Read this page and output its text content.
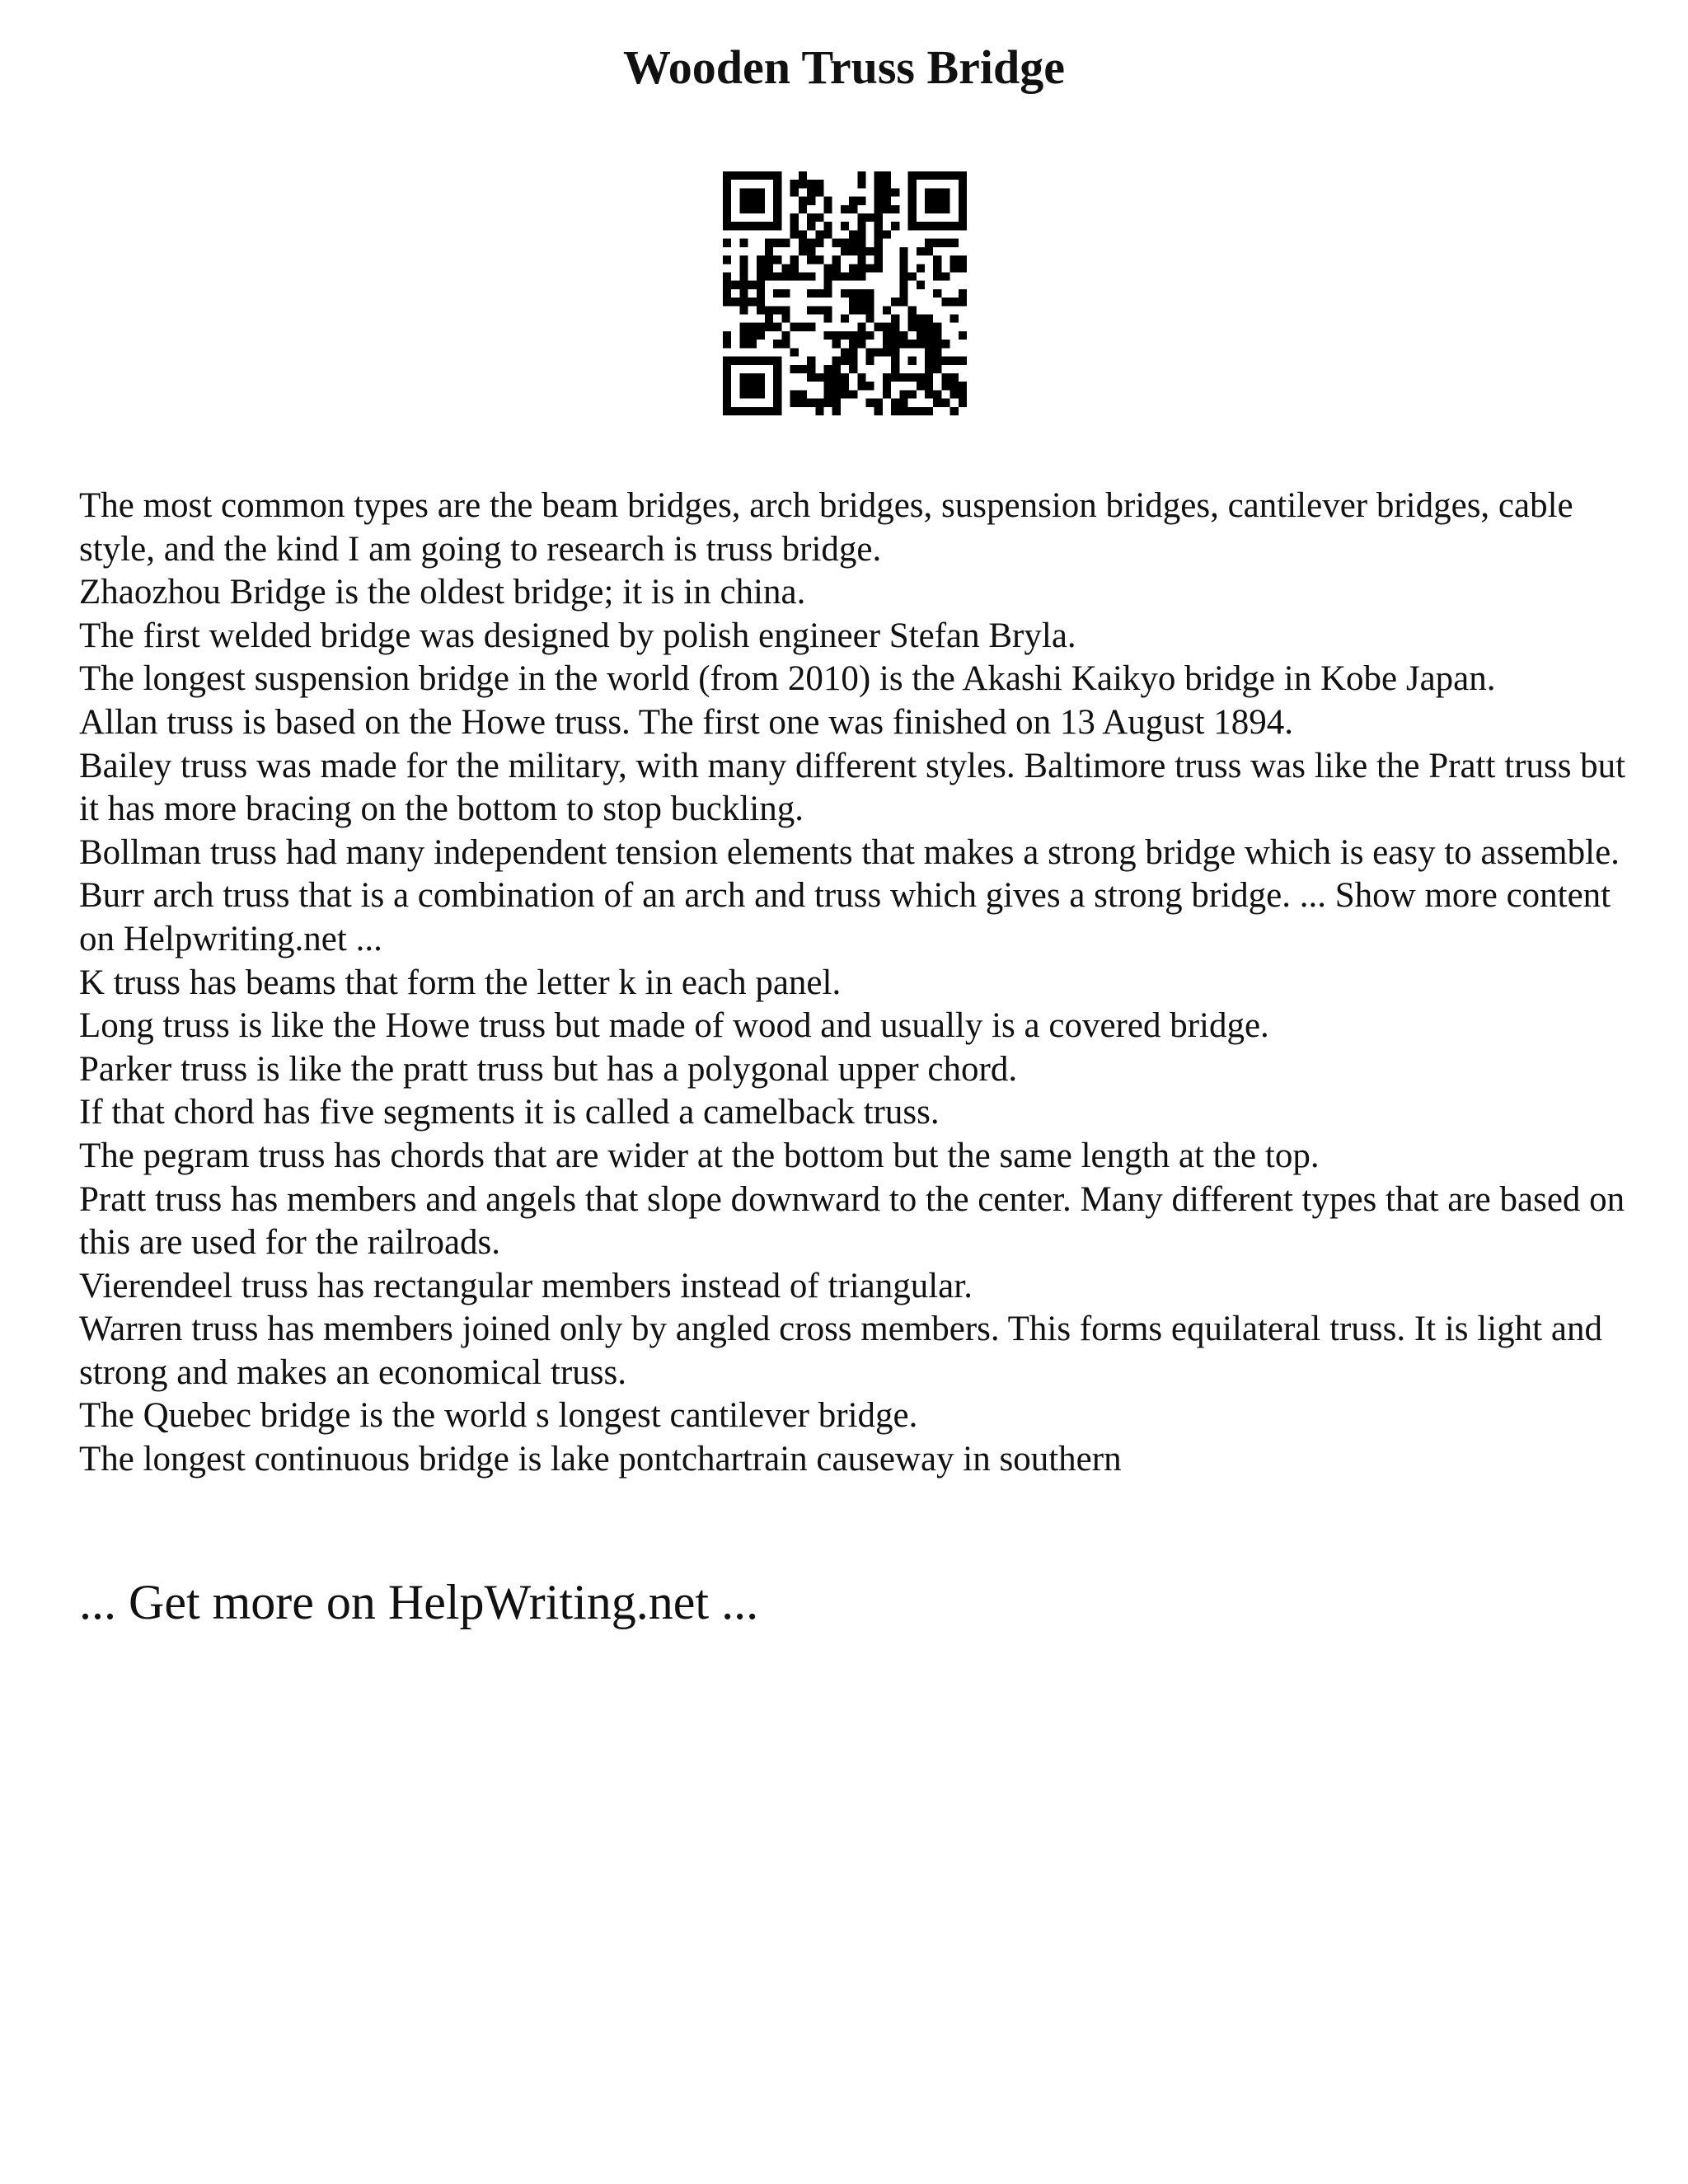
Wooden Truss Bridge

The most common types are the beam bridges, arch bridges, suspension bridges, cantilever bridges, cable style, and the kind I am going to research is truss bridge.

Zhaozhou Bridge is the oldest bridge; it is in china.

The first welded bridge was designed by polish engineer Stefan Bryla.

The longest suspension bridge in the world (from 2010) is the Akashi Kaikyo bridge in Kobe Japan.

Allan truss is based on the Howe truss. The first one was finished on 13 August 1894.

Bailey truss was made for the military, with many different styles. Baltimore truss was like the Pratt truss but it has more bracing on the bottom to stop buckling.

Bollman truss had many independent tension elements that makes a strong bridge which is easy to assemble.

Burr arch truss that is a combination of an arch and truss which gives a strong bridge. ... Show more content on Helpwriting.net ...

K truss has beams that form the letter k in each panel.

Long truss is like the Howe truss but made of wood and usually is a covered bridge.

Parker truss is like the pratt truss but has a polygonal upper chord.

If that chord has five segments it is called a camelback truss.

The pegram truss has chords that are wider at the bottom but the same length at the top.

Pratt truss has members and angels that slope downward to the center. Many different types that are based on this are used for the railroads.

Vierendeel truss has rectangular members instead of triangular.

Warren truss has members joined only by angled cross members. This forms equilateral truss. It is light and strong and makes an economical truss.

The Quebec bridge is the world s longest cantilever bridge.

The longest continuous bridge is lake pontchartrain causeway in southern

... Get more on HelpWriting.net ...
